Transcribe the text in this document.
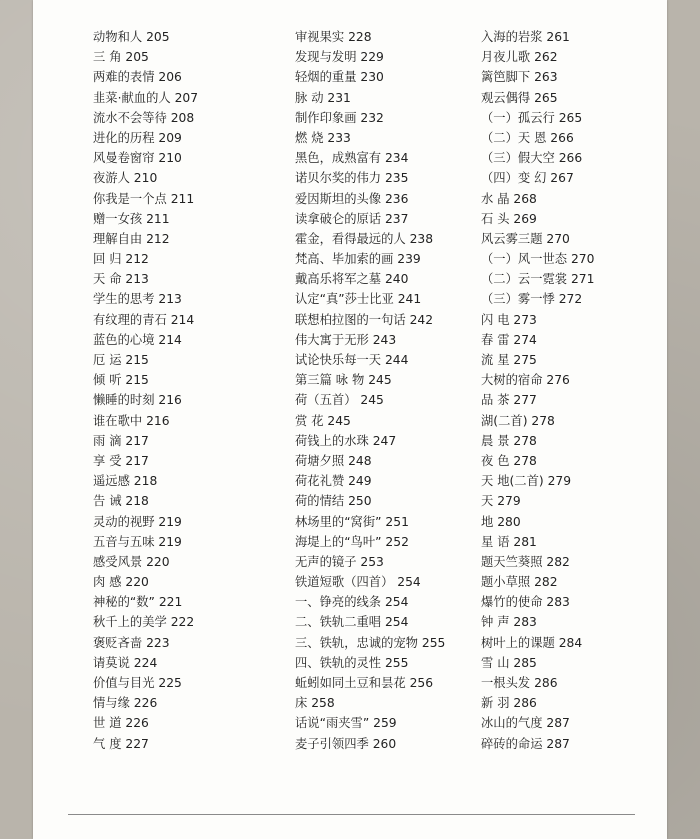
动物和人 205
三 角 205
两难的表情 206
韭菜·献血的人 207
流水不会等待 208
进化的历程 209
风曼卷窗帘 210
夜游人 210
你我是一个点 211
赠一女孩 211
理解自由 212
回 归 212
天 命 213
学生的思考 213
有纹理的青石 214
蓝色的心境 214
厄 运 215
倾 听 215
懒睡的时刻 216
谁在歌中 216
雨 滴 217
享 受 217
遥远感 218
告 诫 218
灵动的视野 219
五音与五味 219
感受风景 220
肉 感 220
神秘的“数” 221
秋千上的美学 222
褒贬吝啬 223
请莫说 224
价值与目光 225
情与缘 226
世 道 226
气 度 227
审视果实 228
发现与发明 229
轻烟的重量 230
脉 动 231
制作印象画 232
燃 烧 233
黑色，成熟富有 234
诺贝尔奖的伟力 235
爱因斯坦的头像 236
读拿破仑的原话 237
霍金，看得最远的人 238
梵高、毕加索的画 239
戴高乐将军之墓 240
认定“真”莎士比亚 241
联想柏拉图的一句话 242
伟大寓于无形 243
试论快乐每一天 244
第三篇 咏 物 245
荷（五首） 245
赏 花 245
荷钱上的水珠 247
荷塘夕照 248
荷花礼赞 249
荷的情结 250
林场里的“窝街” 251
海堤上的“鸟叶” 252
无声的镜子 253
铁道短歌（四首） 254
一、铮亮的线条 254
二、铁轨二重唱 254
三、铁轨，忠诚的宠物 255
四、铁轨的灵性 255
蚯蚓如同土豆和昙花 256
床 258
话说“雨夹雪” 259
麦子引领四季 260
入海的岩浆 261
月夜儿歌 262
篱笆脚下 263
观云偶得 265
（一）孤云行 265
（二）天 恩 266
（三）假大空 266
（四）变 幻 267
水 晶 268
石 头 269
风云雾三题 270
（一）风一世态 270
（二）云一霓裳 271
（三）雾一悸 272
闪 电 273
春 雷 274
流 星 275
大树的宿命 276
品 茶 277
湖(二首) 278
晨 景 278
夜 色 278
天 地(二首) 279
天 279
地 280
星 语 281
题天竺葵照 282
题小草照 282
爆竹的使命 283
钟 声 283
树叶上的课题 284
雪 山 285
一根头发 286
新 羽 286
冰山的气度 287
碎砖的命运 287
